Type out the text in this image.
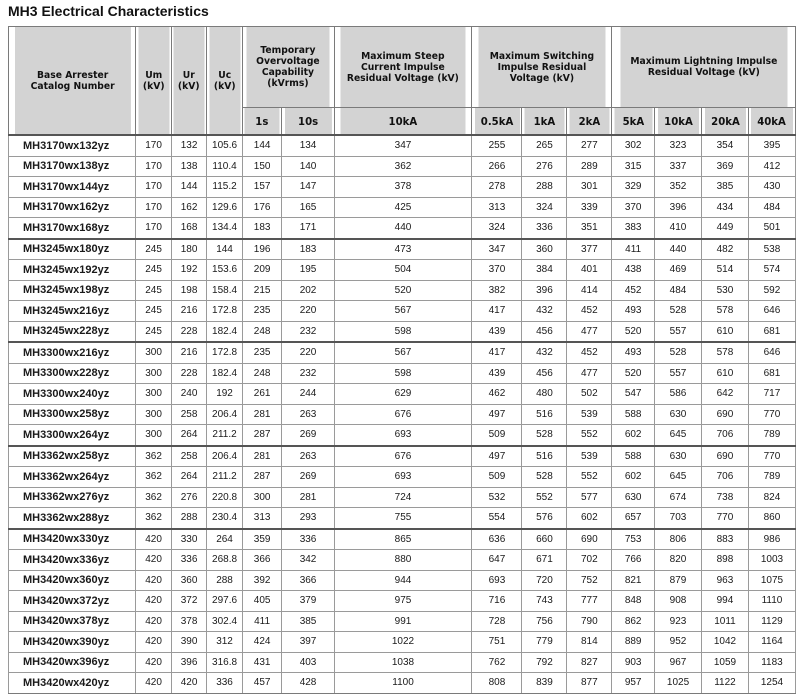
MH3 Electrical Characteristics
Base Arrester Catalog Number	Um (kV)	Ur (kV)	Uc (kV)	Temporary Overvoltage Capability (kVrms)		Maximum Steep Current Impulse Residual Voltage (kV)	Maximum Switching Impulse Residual Voltage (kV)			Maximum Lightning Impulse Residual Voltage (kV)			
				1s	10s	10kA	0.5kA	1kA	2kA	5kA	10kA	20kA	40kA
MH3170wx132yz	170	132	105.6	144	134	347	255	265	277	302	323	354	395
MH3170wx138yz	170	138	110.4	150	140	362	266	276	289	315	337	369	412
MH3170wx144yz	170	144	115.2	157	147	378	278	288	301	329	352	385	430
MH3170wx162yz	170	162	129.6	176	165	425	313	324	339	370	396	434	484
MH3170wx168yz	170	168	134.4	183	171	440	324	336	351	383	410	449	501
MH3245wx180yz	245	180	144	196	183	473	347	360	377	411	440	482	538
MH3245wx192yz	245	192	153.6	209	195	504	370	384	401	438	469	514	574
MH3245wx198yz	245	198	158.4	215	202	520	382	396	414	452	484	530	592
MH3245wx216yz	245	216	172.8	235	220	567	417	432	452	493	528	578	646
MH3245wx228yz	245	228	182.4	248	232	598	439	456	477	520	557	610	681
MH3300wx216yz	300	216	172.8	235	220	567	417	432	452	493	528	578	646
MH3300wx228yz	300	228	182.4	248	232	598	439	456	477	520	557	610	681
MH3300wx240yz	300	240	192	261	244	629	462	480	502	547	586	642	717
MH3300wx258yz	300	258	206.4	281	263	676	497	516	539	588	630	690	770
MH3300wx264yz	300	264	211.2	287	269	693	509	528	552	602	645	706	789
MH3362wx258yz	362	258	206.4	281	263	676	497	516	539	588	630	690	770
MH3362wx264yz	362	264	211.2	287	269	693	509	528	552	602	645	706	789
MH3362wx276yz	362	276	220.8	300	281	724	532	552	577	630	674	738	824
MH3362wx288yz	362	288	230.4	313	293	755	554	576	602	657	703	770	860
MH3420wx330yz	420	330	264	359	336	865	636	660	690	753	806	883	986
MH3420wx336yz	420	336	268.8	366	342	880	647	671	702	766	820	898	1003
MH3420wx360yz	420	360	288	392	366	944	693	720	752	821	879	963	1075
MH3420wx372yz	420	372	297.6	405	379	975	716	743	777	848	908	994	1110
MH3420wx378yz	420	378	302.4	411	385	991	728	756	790	862	923	1011	1129
MH3420wx390yz	420	390	312	424	397	1022	751	779	814	889	952	1042	1164
MH3420wx396yz	420	396	316.8	431	403	1038	762	792	827	903	967	1059	1183
MH3420wx420yz	420	420	336	457	428	1100	808	839	877	957	1025	1122	1254
